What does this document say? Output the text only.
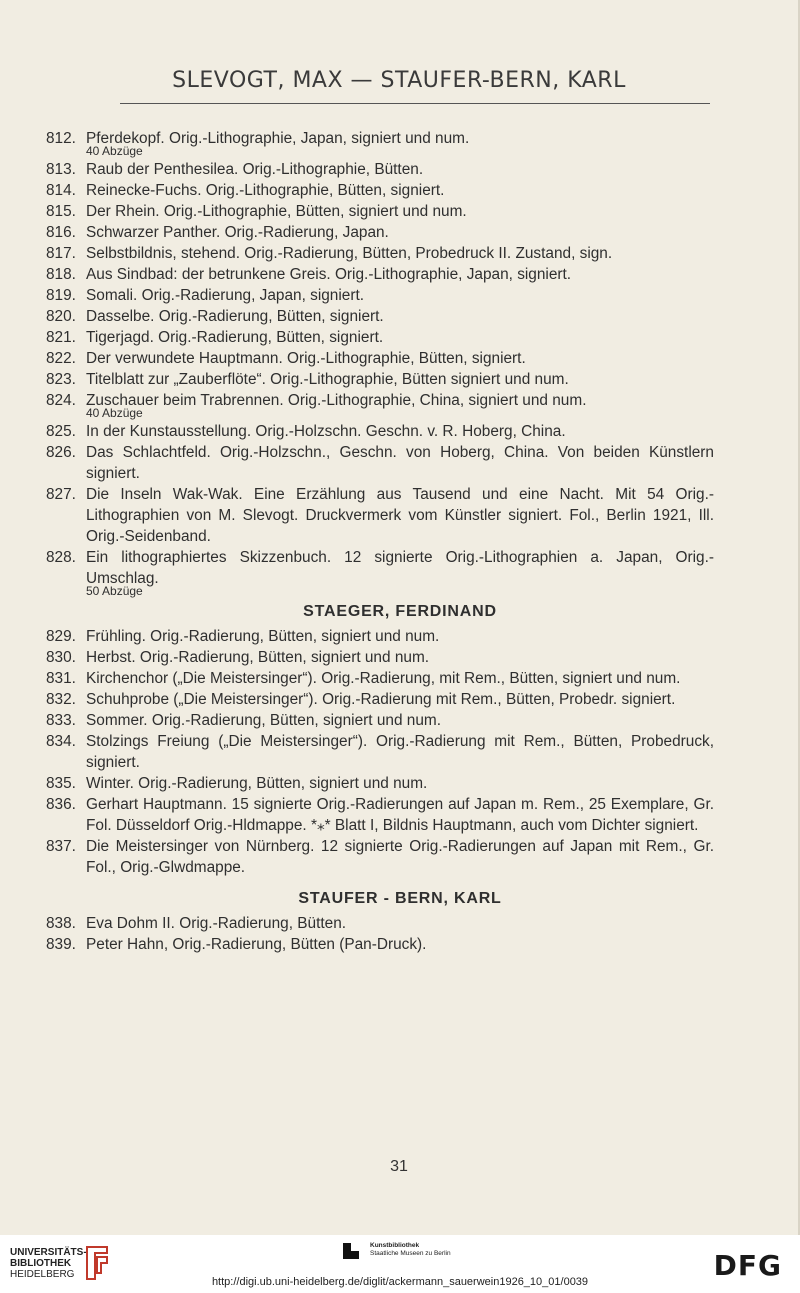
SLEVOGT, MAX — STAUFER-BERN, KARL
812. Pferdekopf. Orig.-Lithographie, Japan, signiert und num.
40 Abzüge
813. Raub der Penthesilea. Orig.-Lithographie, Bütten.
814. Reinecke-Fuchs. Orig.-Lithographie, Bütten, signiert.
815. Der Rhein. Orig.-Lithographie, Bütten, signiert und num.
816. Schwarzer Panther. Orig.-Radierung, Japan.
817. Selbstbildnis, stehend. Orig.-Radierung, Bütten, Probedruck II. Zustand, sign.
818. Aus Sindbad: der betrunkene Greis. Orig.-Lithographie, Japan, signiert.
819. Somali. Orig.-Radierung, Japan, signiert.
820. Dasselbe. Orig.-Radierung, Bütten, signiert.
821. Tigerjagd. Orig.-Radierung, Bütten, signiert.
822. Der verwundete Hauptmann. Orig.-Lithographie, Bütten, signiert.
823. Titelblatt zur „Zauberflöte“. Orig.-Lithographie, Bütten signiert und num.
824. Zuschauer beim Trabrennen. Orig.-Lithographie, China, signiert und num.
40 Abzüge
825. In der Kunstausstellung. Orig.-Holzschn. Geschn. v. R. Hoberg, China.
826. Das Schlachtfeld. Orig.-Holzschn., Geschn. von Hoberg, China. Von beiden Künstlern signiert.
827. Die Inseln Wak-Wak. Eine Erzählung aus Tausend und eine Nacht. Mit 54 Orig.-Lithographien von M. Slevogt. Druckvermerk vom Künstler signiert. Fol., Berlin 1921, Ill. Orig.-Seidenband.
828. Ein lithographiertes Skizzenbuch. 12 signierte Orig.-Lithographien a. Japan, Orig.-Umschlag.
50 Abzüge
STAEGER, FERDINAND
829. Frühling. Orig.-Radierung, Bütten, signiert und num.
830. Herbst. Orig.-Radierung, Bütten, signiert und num.
831. Kirchenchor („Die Meistersinger“). Orig.-Radierung, mit Rem., Bütten, signiert und num.
832. Schuhprobe („Die Meistersinger“). Orig.-Radierung mit Rem., Bütten, Probedr. signiert.
833. Sommer. Orig.-Radierung, Bütten, signiert und num.
834. Stolzings Freiung („Die Meistersinger“). Orig.-Radierung mit Rem., Bütten, Probedruck, signiert.
835. Winter. Orig.-Radierung, Bütten, signiert und num.
836. Gerhart Hauptmann. 15 signierte Orig.-Radierungen auf Japan m. Rem., 25 Exemplare, Gr. Fol. Düsseldorf Orig.-Hldmappe. *⁎* Blatt I, Bildnis Hauptmann, auch vom Dichter signiert.
837. Die Meistersinger von Nürnberg. 12 signierte Orig.-Radierungen auf Japan mit Rem., Gr. Fol., Orig.-Glwdmappe.
STAUFER - BERN, KARL
838. Eva Dohm II. Orig.-Radierung, Bütten.
839. Peter Hahn, Orig.-Radierung, Bütten (Pan-Druck).
31
UNIVERSITÄTS-
BIBLIOTHEK
HEIDELBERG
Kunstbibliothek
Staatliche Museen zu Berlin	DFG
http://digi.ub.uni-heidelberg.de/diglit/ackermann_sauerwein1926_10_01/0039
